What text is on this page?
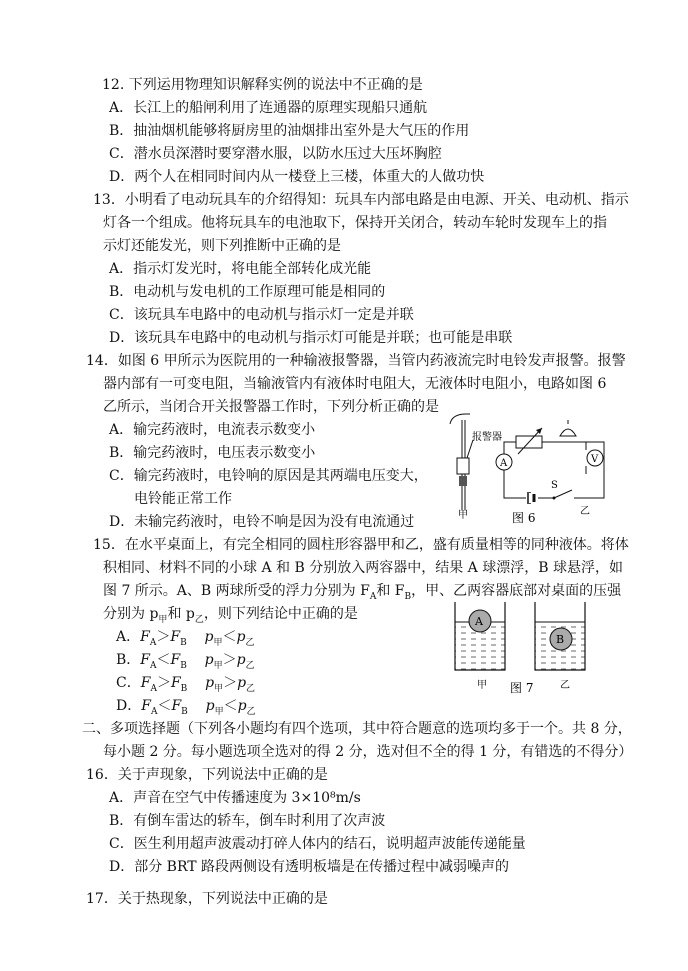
12. 下列运用物理知识解释实例的说法中不正确的是
A．长江上的船闸利用了连通器的原理实现船只通航
B．抽油烟机能够将厨房里的油烟排出室外是大气压的作用
C．潜水员深潜时要穿潜水服，以防水压过大压坏胸腔
D．两个人在相同时间内从一楼登上三楼，体重大的人做功快
13．小明看了电动玩具车的介绍得知：玩具车内部电路是由电源、开关、电动机、指示
灯各一个组成。他将玩具车的电池取下，保持开关闭合，转动车轮时发现车上的指
示灯还能发光，则下列推断中正确的是
A．指示灯发光时，将电能全部转化成光能
B．电动机与发电机的工作原理可能是相同的
C．该玩具车电路中的电动机与指示灯一定是并联
D．该玩具车电路中的电动机与指示灯可能是并联；也可能是串联
14．如图 6 甲所示为医院用的一种输液报警器，当管内药液流完时电铃发声报警。报警
器内部有一可变电阻，当输液管内有液体时电阻大，无液体时电阻小，电路如图 6
乙所示，当闭合开关报警器工作时，下列分析正确的是
A．输完药液时，电流表示数变小
B．输完药液时，电压表示数变小
C．输完药液时，电铃响的原因是其两端电压变大，
电铃能正常工作
D．未输完药液时，电铃不响是因为没有电流通过
报警器
甲
A	V
S
乙
图 6
15．在水平桌面上，有完全相同的圆柱形容器甲和乙，盛有质量相等的同种液体。将体
积相同、材料不同的小球 A 和 B 分别放入两容器中，结果 A 球漂浮，B 球悬浮，如
图 7 所示。A、B 两球所受的浮力分别为 $F_A$和 $F_B$，甲、乙两容器底部对桌面的压强
分别为 $p_甲$和 $p_乙$，则下列结论中正确的是
A．$F_A>F_B$ $p_甲<p_乙$
B．$F_A<F_B$ $p_甲>p_乙$
C．$F_A>F_B$ $p_甲>p_乙$
D．$F_A<F_B$ $p_甲<p_乙$
A
B
甲 图 7	乙
二、多项选择题（下列各小题均有四个选项，其中符合题意的选项均多于一个。共 8 分，
每小题 2 分。每小题选项全选对的得 2 分，选对但不全的得 1 分，有错选的不得分）
16．关于声现象，下列说法中正确的是
A．声音在空气中传播速度为 3×10⁸m/s
B．有倒车雷达的轿车，倒车时利用了次声波
C．医生利用超声波震动打碎人体内的结石，说明超声波能传递能量
D．部分 BRT 路段两侧设有透明板墙是在传播过程中减弱噪声的
17．关于热现象，下列说法中正确的是
